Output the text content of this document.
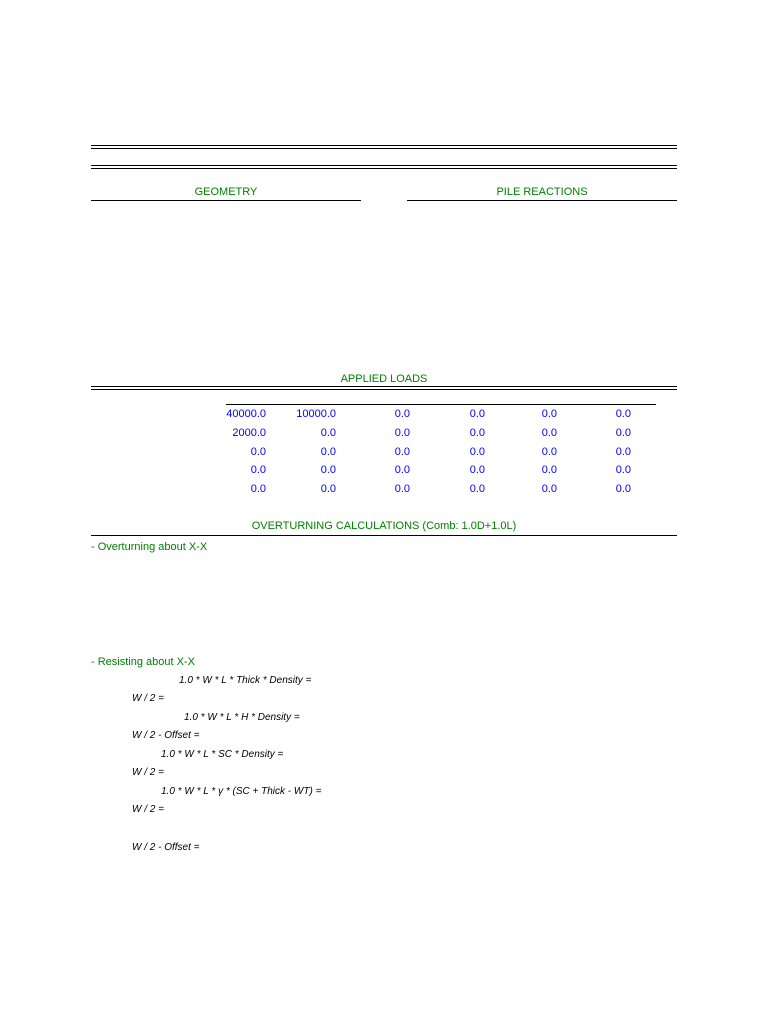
GEOMETRY	PILE REACTIONS
APPLIED LOADS
40000.0	10000.0	0.0	0.0	0.0	0.0
2000.0	0.0	0.0	0.0	0.0	0.0
0.0	0.0	0.0	0.0	0.0	0.0
0.0	0.0	0.0	0.0	0.0	0.0
0.0	0.0	0.0	0.0	0.0	0.0
OVERTURNING CALCULATIONS (Comb: 1.0D+1.0L)
- Overturning about X-X
- Resisting about X-X
1.0 * W * L * Thick * Density =
W / 2 =
1.0 * W * L * H * Density =
W / 2 - Offset =
1.0 * W * L * SC * Density =
W / 2 =
1.0 * W * L * γ * (SC + Thick - WT) =
W / 2 =
W / 2 - Offset =
